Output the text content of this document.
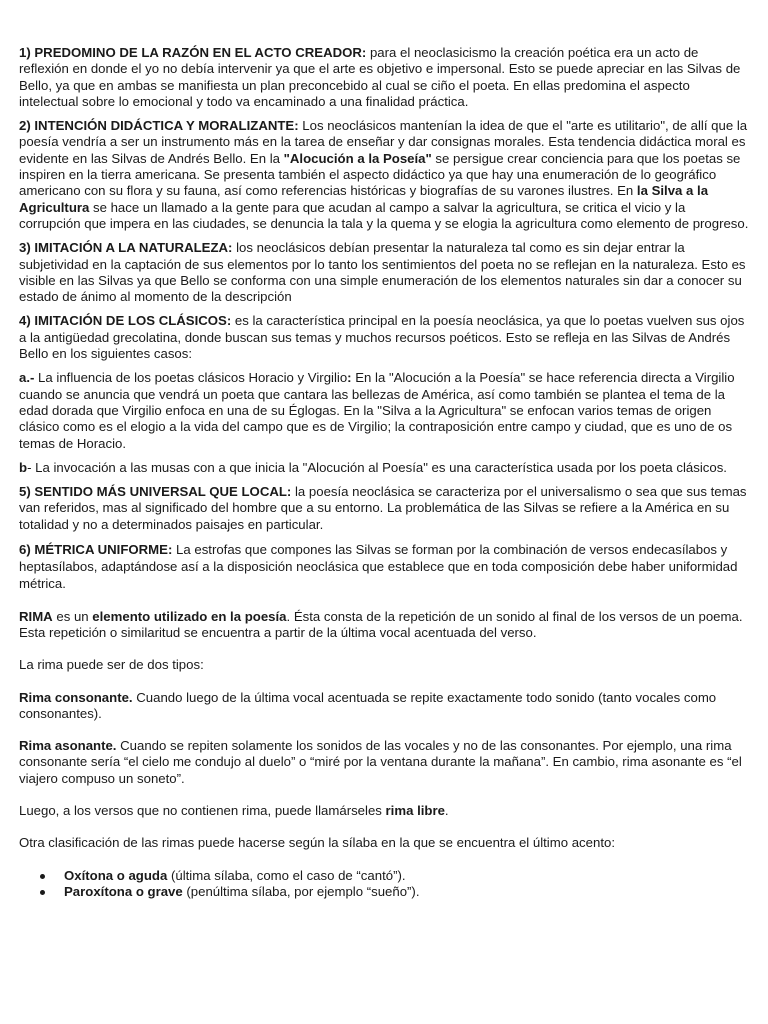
1) PREDOMINO DE LA RAZÓN EN EL ACTO CREADOR: para el neoclasicismo la creación poética era un acto de reflexión en donde el yo no debía intervenir ya que el arte es objetivo e impersonal. Esto se puede apreciar en las Silvas de Bello, ya que en ambas se manifiesta un plan preconcebido al cual se ciño el poeta. En ellas predomina el aspecto intelectual sobre lo emocional y todo va encaminado a una finalidad práctica.

2) INTENCIÓN DIDÁCTICA Y MORALIZANTE: Los neoclásicos mantenían la idea de que el "arte es utilitario", de allí que la poesía vendría a ser un instrumento más en la tarea de enseñar y dar consignas morales. Esta tendencia didáctica moral es evidente en las Silvas de Andrés Bello. En la "Alocución a la Poseía" se persigue crear conciencia para que los poetas se inspiren en la tierra americana. Se presenta también el aspecto didáctico ya que hay una enumeración de lo geográfico americano con su flora y su fauna, así como referencias históricas y biografías de su varones ilustres. En la Silva a la Agricultura se hace un llamado a la gente para que acudan al campo a salvar la agricultura, se critica el vicio y la corrupción que impera en las ciudades, se denuncia la tala y la quema y se elogia la agricultura como elemento de progreso.

3) IMITACIÓN A LA NATURALEZA: los neoclásicos debían presentar la naturaleza tal como es sin dejar entrar la subjetividad en la captación de sus elementos por lo tanto los sentimientos del poeta no se reflejan en la naturaleza. Esto es visible en las Silvas ya que Bello se conforma con una simple enumeración de los elementos naturales sin dar a conocer su estado de ánimo al momento de la descripción

4) IMITACIÓN DE LOS CLÁSICOS: es la característica principal en la poesía neoclásica, ya que lo poetas vuelven sus ojos a la antigüedad grecolatina, donde buscan sus temas y muchos recursos poéticos. Esto se refleja en las Silvas de Andrés Bello en los siguientes casos:

a.- La influencia de los poetas clásicos Horacio y Virgilio: En la "Alocución a la Poesía" se hace referencia directa a Virgilio cuando se anuncia que vendrá un poeta que cantara las bellezas de América, así como también se plantea el tema de la edad dorada que Virgilio enfoca en una de su Églogas. En la "Silva a la Agricultura" se enfocan varios temas de origen clásico como es el elogio a la vida del campo que es de Virgilio; la contraposición entre campo y ciudad, que es uno de os temas de Horacio.

b- La invocación a las musas con a que inicia la "Alocución al Poesía" es una característica usada por los poeta clásicos.

5) SENTIDO MÁS UNIVERSAL QUE LOCAL: la poesía neoclásica se caracteriza por el universalismo o sea que sus temas van referidos, mas al significado del hombre que a su entorno. La problemática de las Silvas se refiere a la América en su totalidad y no a determinados paisajes en particular.

6) MÉTRICA UNIFORME: La estrofas que compones las Silvas se forman por la combinación de versos endecasílabos y heptasílabos, adaptándose así a la disposición neoclásica que establece que en toda composición debe haber uniformidad métrica.

RIMA es un elemento utilizado en la poesía. Ésta consta de la repetición de un sonido al final de los versos de un poema. Esta repetición o similaritud se encuentra a partir de la última vocal acentuada del verso.

La rima puede ser de dos tipos:

Rima consonante. Cuando luego de la última vocal acentuada se repite exactamente todo sonido (tanto vocales como consonantes).

Rima asonante. Cuando se repiten solamente los sonidos de las vocales y no de las consonantes. Por ejemplo, una rima consonante sería “el cielo me condujo al duelo” o “miré por la ventana durante la mañana”. En cambio, rima asonante es “el viajero compuso un soneto”.

Luego, a los versos que no contienen rima, puede llamárseles rima libre.

Otra clasificación de las rimas puede hacerse según la sílaba en la que se encuentra el último acento:

Oxítona o aguda (última sílaba, como el caso de “cantó”).
Paroxítona o grave (penúltima sílaba, por ejemplo “sueño”).
